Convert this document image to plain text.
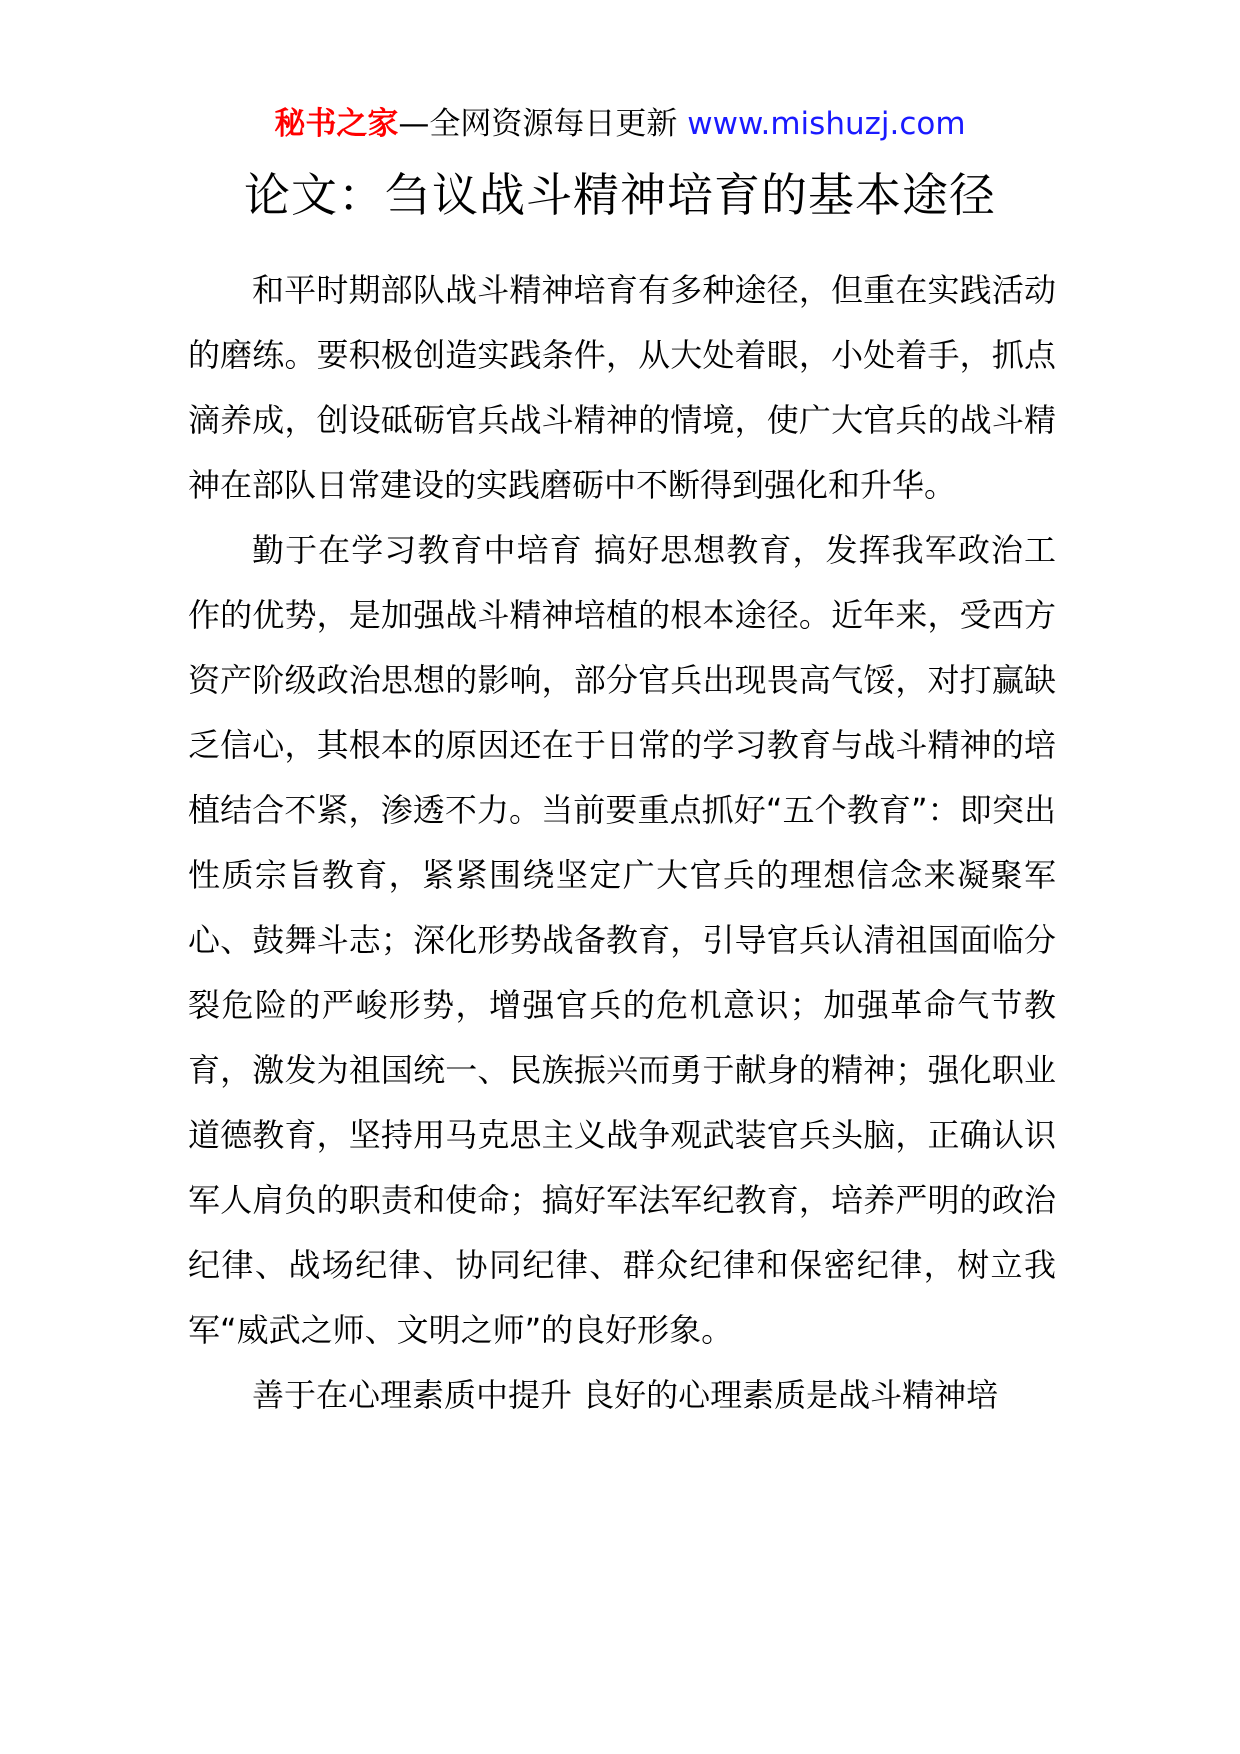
秘书之家—全网资源每日更新 www.mishuzj.com
论文：刍议战斗精神培育的基本途径

和平时期部队战斗精神培育有多种途径，但重在实践活动的磨练。要积极创造实践条件，从大处着眼，小处着手，抓点滴养成，创设砥砺官兵战斗精神的情境，使广大官兵的战斗精神在部队日常建设的实践磨砺中不断得到强化和升华。

勤于在学习教育中培育 搞好思想教育，发挥我军政治工作的优势，是加强战斗精神培植的根本途径。近年来，受西方资产阶级政治思想的影响，部分官兵出现畏高气馁，对打赢缺乏信心，其根本的原因还在于日常的学习教育与战斗精神的培植结合不紧，渗透不力。当前要重点抓好“五个教育”：即突出性质宗旨教育，紧紧围绕坚定广大官兵的理想信念来凝聚军心、鼓舞斗志；深化形势战备教育，引导官兵认清祖国面临分裂危险的严峻形势，增强官兵的危机意识；加强革命气节教育，激发为祖国统一、民族振兴而勇于献身的精神；强化职业道德教育，坚持用马克思主义战争观武装官兵头脑，正确认识军人肩负的职责和使命；搞好军法军纪教育，培养严明的政治纪律、战场纪律、协同纪律、群众纪律和保密纪律，树立我军“威武之师、文明之师”的良好形象。

善于在心理素质中提升 良好的心理素质是战斗精神培
